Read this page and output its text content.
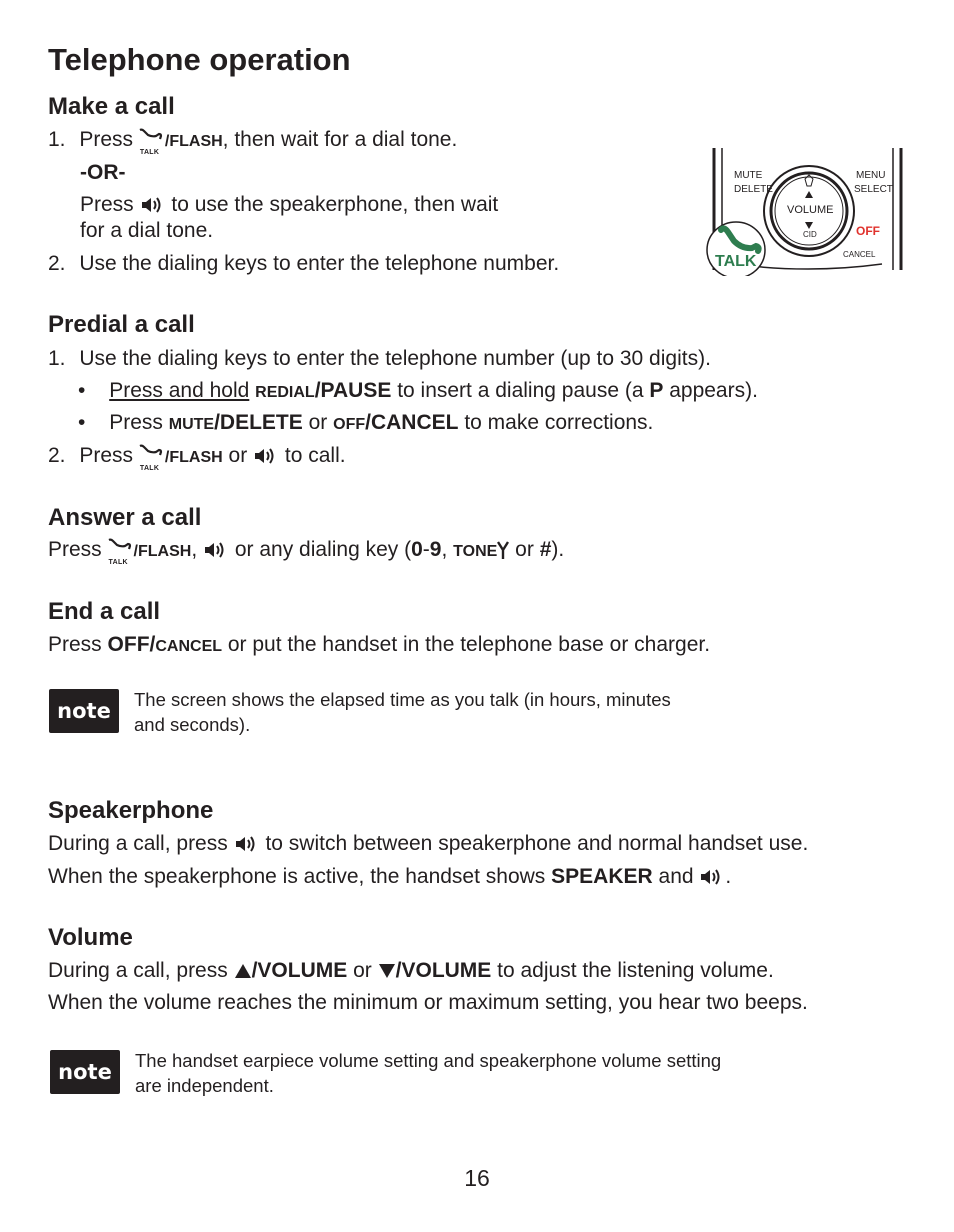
Telephone operation
Make a call
1. Press
TALK
/FLASH, then wait for a dial tone.
-OR-
Press to use the speakerphone, then wait
for a dial tone.
2. Use the dialing keys to enter the telephone number.
MUTE
DELETE
MENU
SELECT
VOLUME
CID	OFF
CANCEL
TALK
Predial a call
1. Use the dialing keys to enter the telephone number (up to 30 digits).
• Press and hold REDIAL/PAUSE to insert a dialing pause (a P appears).
• Press MUTE/DELETE or OFF/CANCEL to make corrections.
2. Press
TALK
/FLASH or to call.
Answer a call
Press
TALK
/FLASH, or any dialing key (0-9, TONE or #).
End a call
Press OFF/CANCEL or put the handset in the telephone base or charger.
note	The screen shows the elapsed time as you talk (in hours, minutes
and seconds).
Speakerphone
During a call, press to switch between speakerphone and normal handset use.
When the speakerphone is active, the handset shows SPEAKER and .
Volume
During a call, press /VOLUME or /VOLUME to adjust the listening volume.
When the volume reaches the minimum or maximum setting, you hear two beeps.
note	The handset earpiece volume setting and speakerphone volume setting
are independent.
16
